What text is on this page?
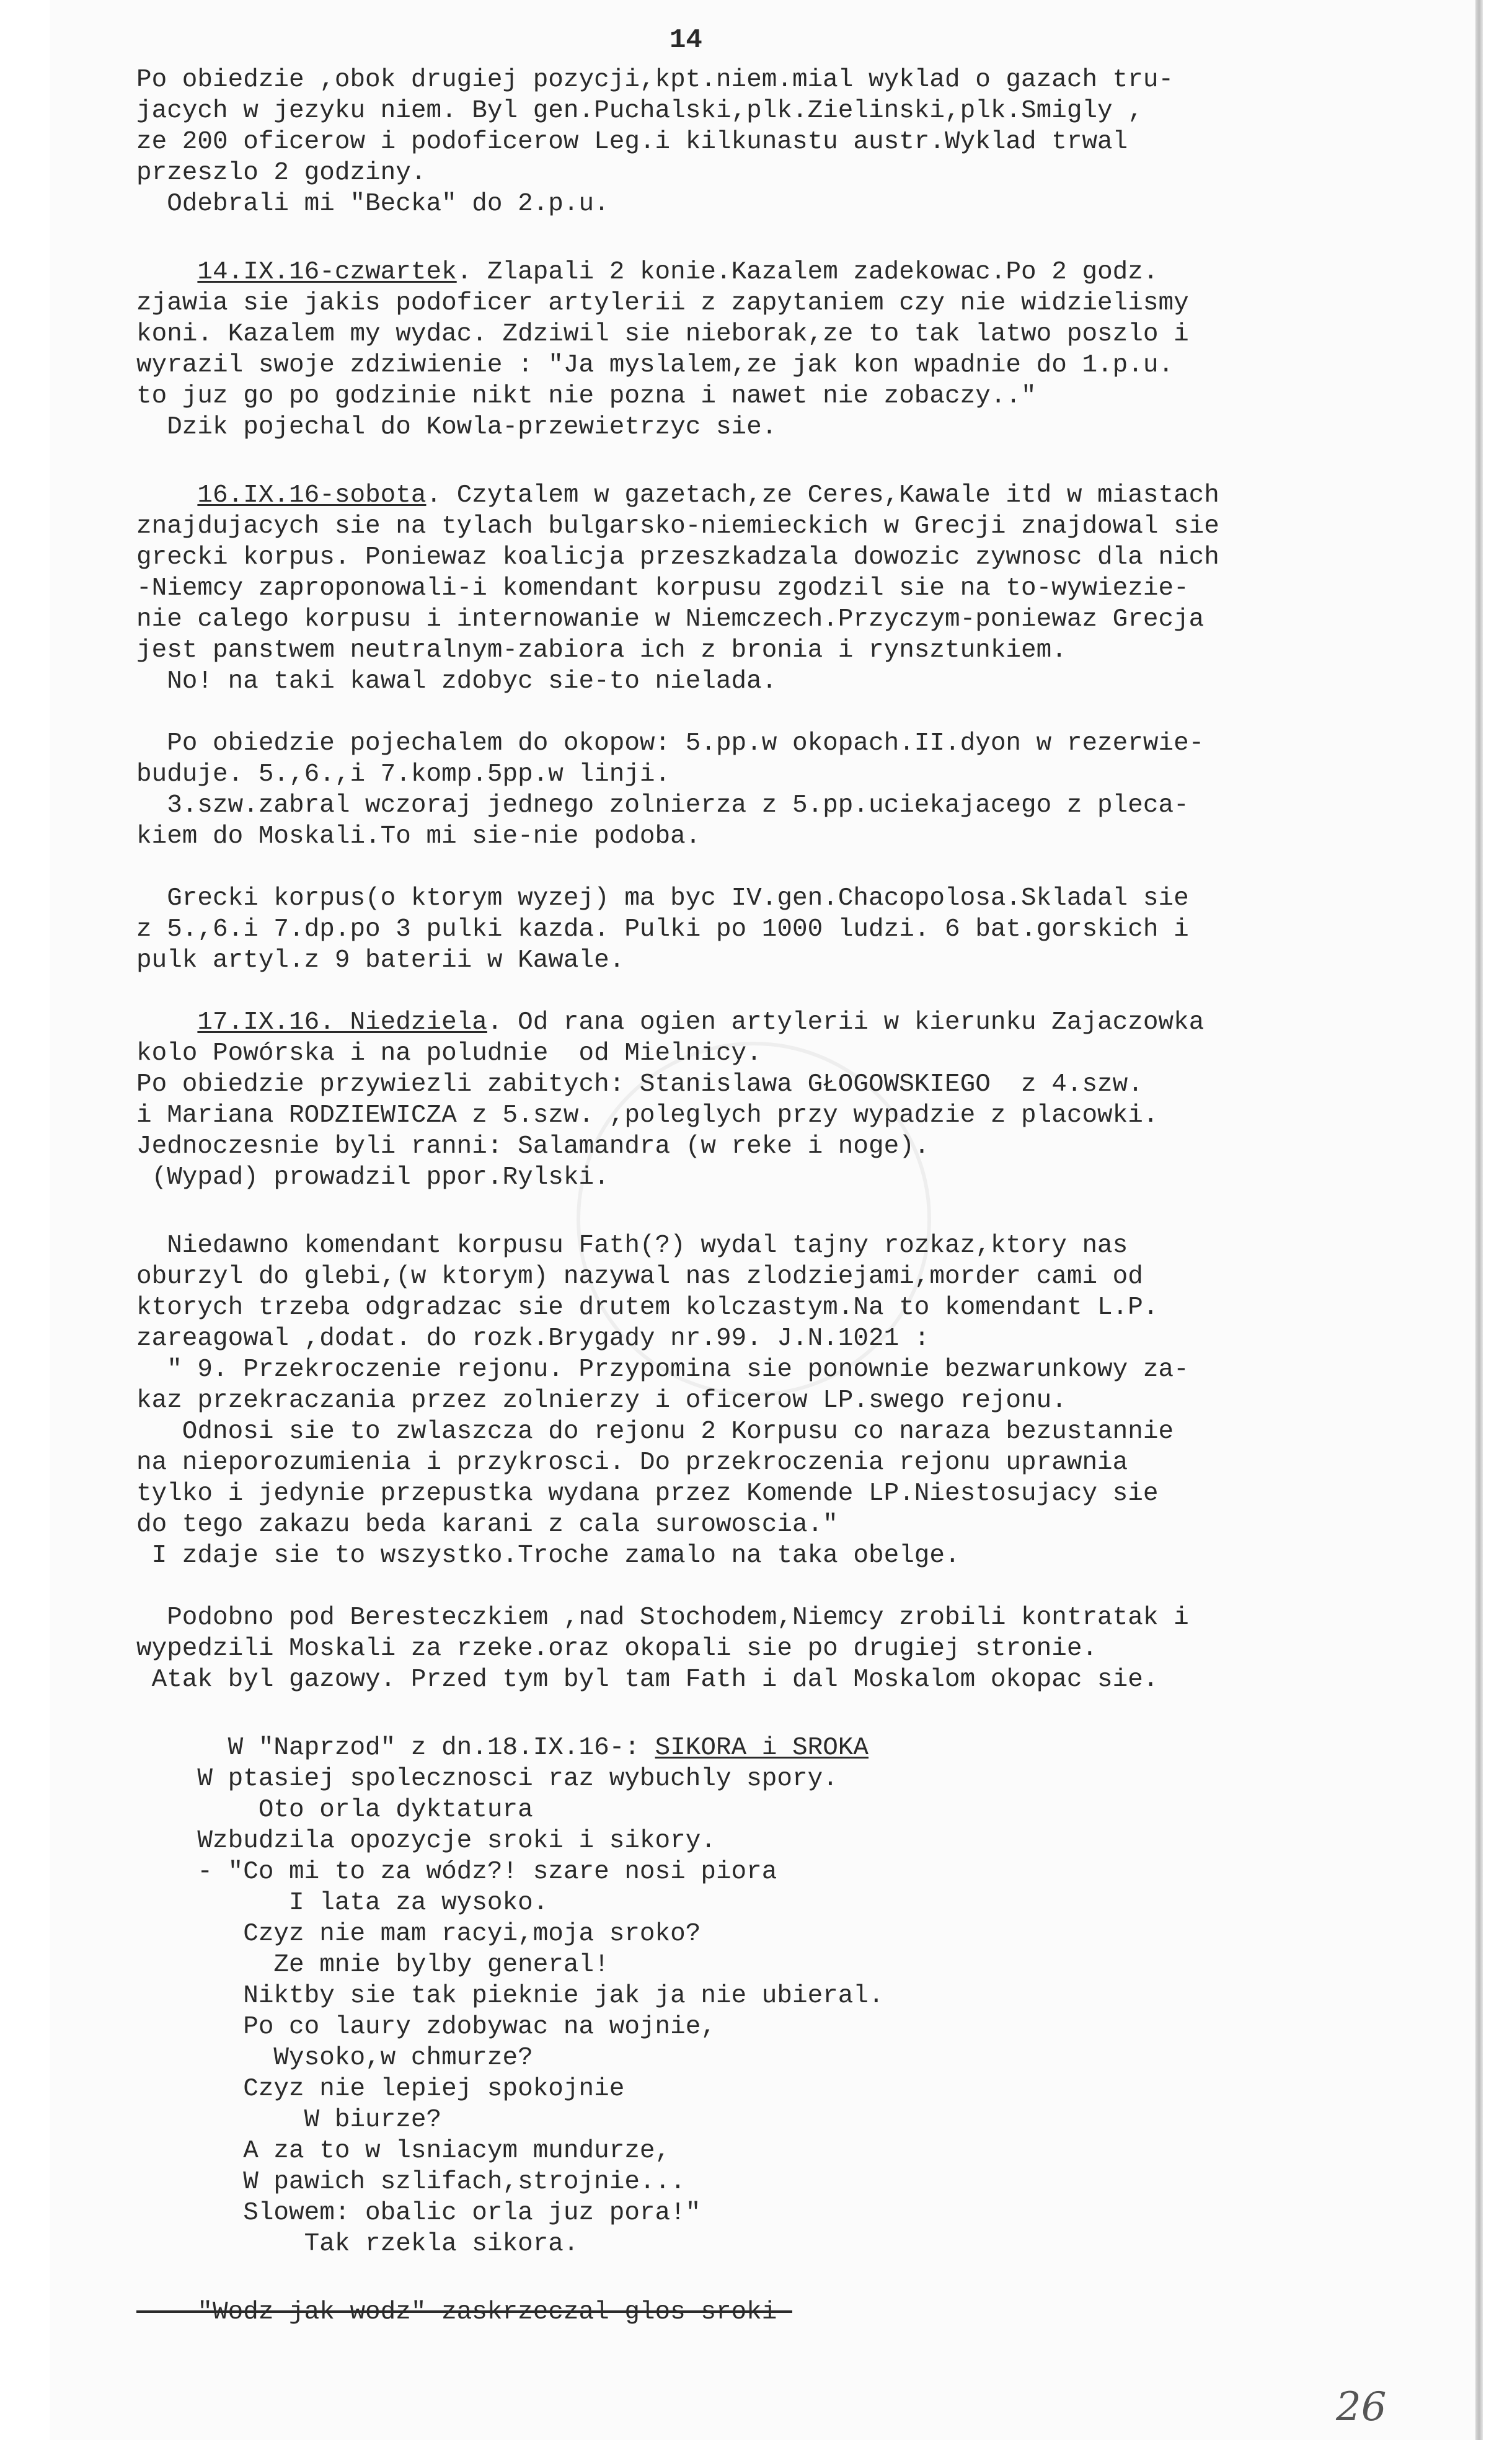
14

Po obiedzie ,obok drugiej pozycji,kpt.niem.mial wyklad o gazach tru-

jacych w jezyku niem. Byl gen.Puchalski,plk.Zielinski,plk.Smigly ,

ze 200 oficerow i podoficerow Leg.i kilkunastu austr.Wyklad trwal

przeszlo 2 godziny.

Odebrali mi "Becka" do 2.p.u.

14.IX.16-czwartek. Zlapali 2 konie.Kazalem zadekowac.Po 2 godz.

zjawia sie jakis podoficer artylerii z zapytaniem czy nie widzielismy

koni. Kazalem my wydac. Zdziwil sie nieborak,ze to tak latwo poszlo i

wyrazil swoje zdziwienie : "Ja myslalem,ze jak kon wpadnie do 1.p.u.

to juz go po godzinie nikt nie pozna i nawet nie zobaczy.."

Dzik pojechal do Kowla-przewietrzyc sie.

16.IX.16-sobota. Czytalem w gazetach,ze Ceres,Kawale itd w miastach

znajdujacych sie na tylach bulgarsko-niemieckich w Grecji znajdowal sie

grecki korpus. Poniewaz koalicja przeszkadzala dowozic zywnosc dla nich

-Niemcy zaproponowali-i komendant korpusu zgodzil sie na to-wywiezie-

nie calego korpusu i internowanie w Niemczech.Przyczym-poniewaz Grecja

jest panstwem neutralnym-zabiora ich z bronia i rynsztunkiem.

No! na taki kawal zdobyc sie-to nielada.

Po obiedzie pojechalem do okopow: 5.pp.w okopach.II.dyon w rezerwie-

buduje. 5.,6.,i 7.komp.5pp.w linji.

3.szw.zabral wczoraj jednego zolnierza z 5.pp.uciekajacego z pleca-

kiem do Moskali.To mi sie-nie podoba.

Grecki korpus(o ktorym wyzej) ma byc IV.gen.Chacopolosa.Skladal sie

z 5.,6.i 7.dp.po 3 pulki kazda. Pulki po 1000 ludzi. 6 bat.gorskich i

pulk artyl.z 9 baterii w Kawale.

17.IX.16. Niedziela. Od rana ogien artylerii w kierunku Zajaczowka

kolo Powórska i na poludnie  od Mielnicy.

Po obiedzie przywiezli zabitych: Stanislawa GŁOGOWSKIEGO  z 4.szw.

i Mariana RODZIEWICZA z 5.szw. ,poleglych przy wypadzie z placowki.

Jednoczesnie byli ranni: Salamandra (w reke i noge).

(Wypad) prowadzil ppor.Rylski.

Niedawno komendant korpusu Fath(?) wydal tajny rozkaz,ktory nas

oburzyl do glebi,(w ktorym) nazywal nas zlodziejami,morder cami od

ktorych trzeba odgradzac sie drutem kolczastym.Na to komendant L.P.

zareagowal ,dodat. do rozk.Brygady nr.99. J.N.1021 :

" 9. Przekroczenie rejonu. Przypomina sie ponownie bezwarunkowy za-

kaz przekraczania przez zolnierzy i oficerow LP.swego rejonu.

Odnosi sie to zwlaszcza do rejonu 2 Korpusu co naraza bezustannie

na nieporozumienia i przykrosci. Do przekroczenia rejonu uprawnia

tylko i jedynie przepustka wydana przez Komende LP.Niestosujacy sie

do tego zakazu beda karani z cala surowoscia."

I zdaje sie to wszystko.Troche zamalo na taka obelge.

Podobno pod Beresteczkiem ,nad Stochodem,Niemcy zrobili kontratak i

wypedzili Moskali za rzeke.oraz okopali sie po drugiej stronie.

Atak byl gazowy. Przed tym byl tam Fath i dal Moskalom okopac sie.

W "Naprzod" z dn.18.IX.16-: SIKORA i SROKA

W ptasiej spolecznosci raz wybuchly spory.

Oto orla dyktatura

Wzbudzila opozycje sroki i sikory.

- "Co mi to za wódz?! szare nosi piora

I lata za wysoko.

Czyz nie mam racyi,moja sroko?

Ze mnie bylby general!

Niktby sie tak pieknie jak ja nie ubieral.

Po co laury zdobywac na wojnie,

Wysoko,w chmurze?

Czyz nie lepiej spokojnie

W biurze?

A za to w lsniacym mundurze,

W pawich szlifach,strojnie...

Slowem: obalic orla juz pora!"

Tak rzekla sikora.

-"Wodz jak wodz"-zaskrzeczal glos sroki-

26
